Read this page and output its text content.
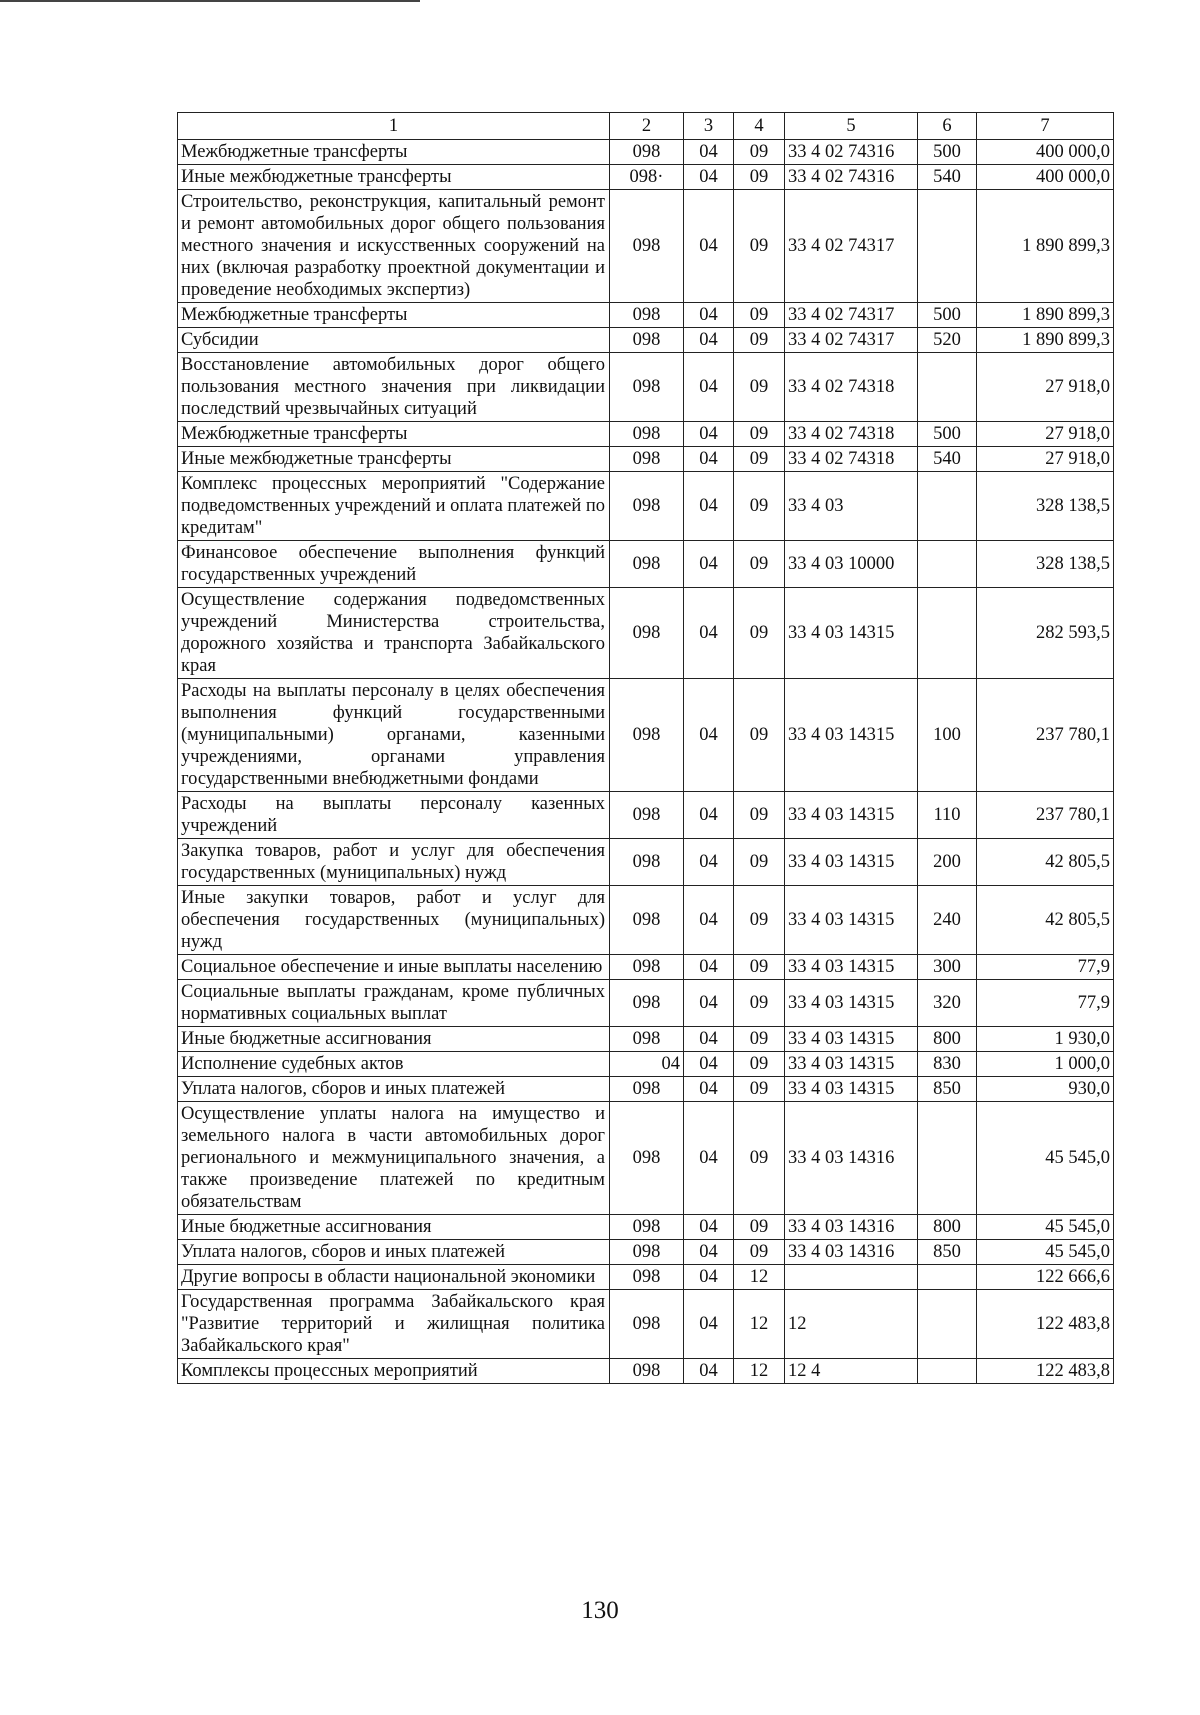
1	2	3	4	5	6	7
Межбюджетные трансферты	098	04	09	33 4 02 74316	500	400 000,0
Иные межбюджетные трансферты	098·	04	09	33 4 02 74316	540	400 000,0
Строительство, реконструкция, капитальный ремонт и ремонт автомобильных дорог общего пользования местного значения и искусственных сооружений на них (включая разработку проектной документации и проведение необходимых экспертиз)	098	04	09	33 4 02 74317		1 890 899,3
Межбюджетные трансферты	098	04	09	33 4 02 74317	500	1 890 899,3
Субсидии	098	04	09	33 4 02 74317	520	1 890 899,3
Восстановление автомобильных дорог общего пользования местного значения при ликвидации последствий чрезвычайных ситуаций	098	04	09	33 4 02 74318		27 918,0
Межбюджетные трансферты	098	04	09	33 4 02 74318	500	27 918,0
Иные межбюджетные трансферты	098	04	09	33 4 02 74318	540	27 918,0
Комплекс процессных мероприятий "Содержание подведомственных учреждений и оплата платежей по кредитам"	098	04	09	33 4 03		328 138,5
Финансовое обеспечение выполнения функций государственных учреждений	098	04	09	33 4 03 10000		328 138,5
Осуществление содержания подведомственных учреждений Министерства строительства, дорожного хозяйства и транспорта Забайкальского края	098	04	09	33 4 03 14315		282 593,5
Расходы на выплаты персоналу в целях обеспечения выполнения функций государственными (муниципальными) органами, казенными учреждениями, органами управления государственными внебюджетными фондами	098	04	09	33 4 03 14315	100	237 780,1
Расходы на выплаты персоналу казенных учреждений	098	04	09	33 4 03 14315	110	237 780,1
Закупка товаров, работ и услуг для обеспечения государственных (муниципальных) нужд	098	04	09	33 4 03 14315	200	42 805,5
Иные закупки товаров, работ и услуг для обеспечения государственных (муниципальных) нужд	098	04	09	33 4 03 14315	240	42 805,5
Социальное обеспечение и иные выплаты населению	098	04	09	33 4 03 14315	300	77,9
Социальные выплаты гражданам, кроме публичных нормативных социальных выплат	098	04	09	33 4 03 14315	320	77,9
Иные бюджетные ассигнования	098	04	09	33 4 03 14315	800	1 930,0
Исполнение судебных актов	04	04	09	33 4 03 14315	830	1 000,0
Уплата налогов, сборов и иных платежей	098	04	09	33 4 03 14315	850	930,0
Осуществление уплаты налога на имущество и земельного налога в части автомобильных дорог регионального и межмуниципального значения, а также произведение платежей по кредитным обязательствам	098	04	09	33 4 03 14316		45 545,0
Иные бюджетные ассигнования	098	04	09	33 4 03 14316	800	45 545,0
Уплата налогов, сборов и иных платежей	098	04	09	33 4 03 14316	850	45 545,0
Другие вопросы в области национальной экономики	098	04	12			122 666,6
Государственная программа Забайкальского края "Развитие территорий и жилищная политика Забайкальского края"	098	04	12	12		122 483,8
Комплексы процессных мероприятий	098	04	12	12 4		122 483,8
130
